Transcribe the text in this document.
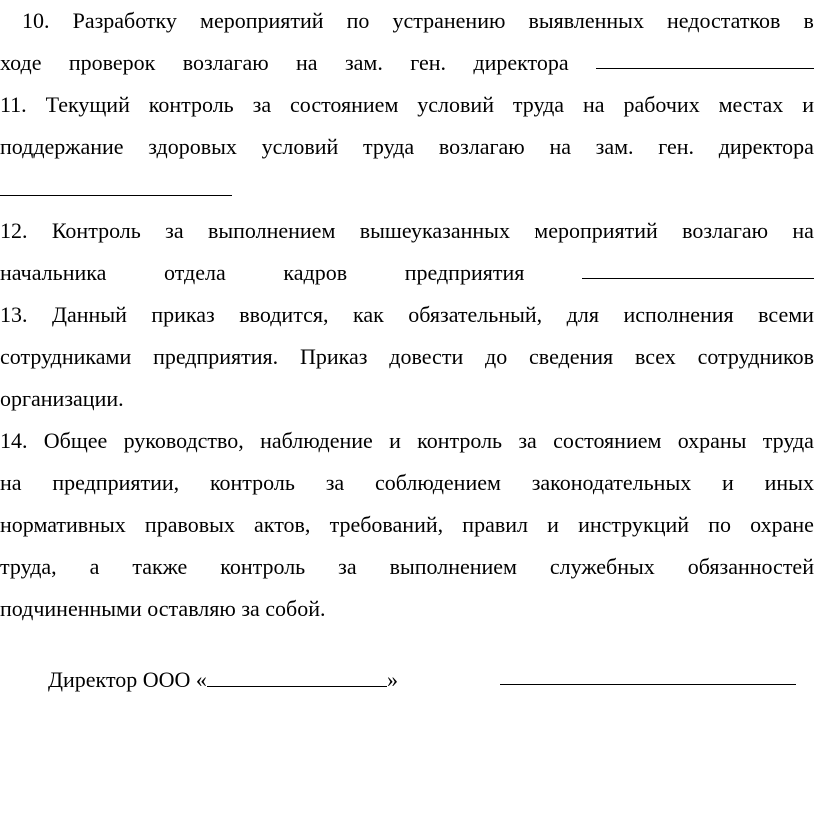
10. Разработку мероприятий по устранению выявленных недостатков в
ходе проверок возлагаю на зам. ген. директора
11. Текущий контроль за состоянием условий труда на рабочих местах и
поддержание здоровых условий труда возлагаю на зам. ген. директора
12. Контроль за выполнением вышеуказанных мероприятий возлагаю на
начальника	отдела	кадров	предприятия
13. Данный приказ вводится, как обязательный, для исполнения всеми
сотрудниками предприятия. Приказ довести до сведения всех сотрудников
организации.
14. Общее руководство, наблюдение и контроль за состоянием охраны труда
на предприятии, контроль за соблюдением законодательных и иных
нормативных правовых актов, требований, правил и инструкций по охране
труда, а также контроль за выполнением служебных обязанностей
подчиненными оставляю за собой.
Директор ООО «	»
